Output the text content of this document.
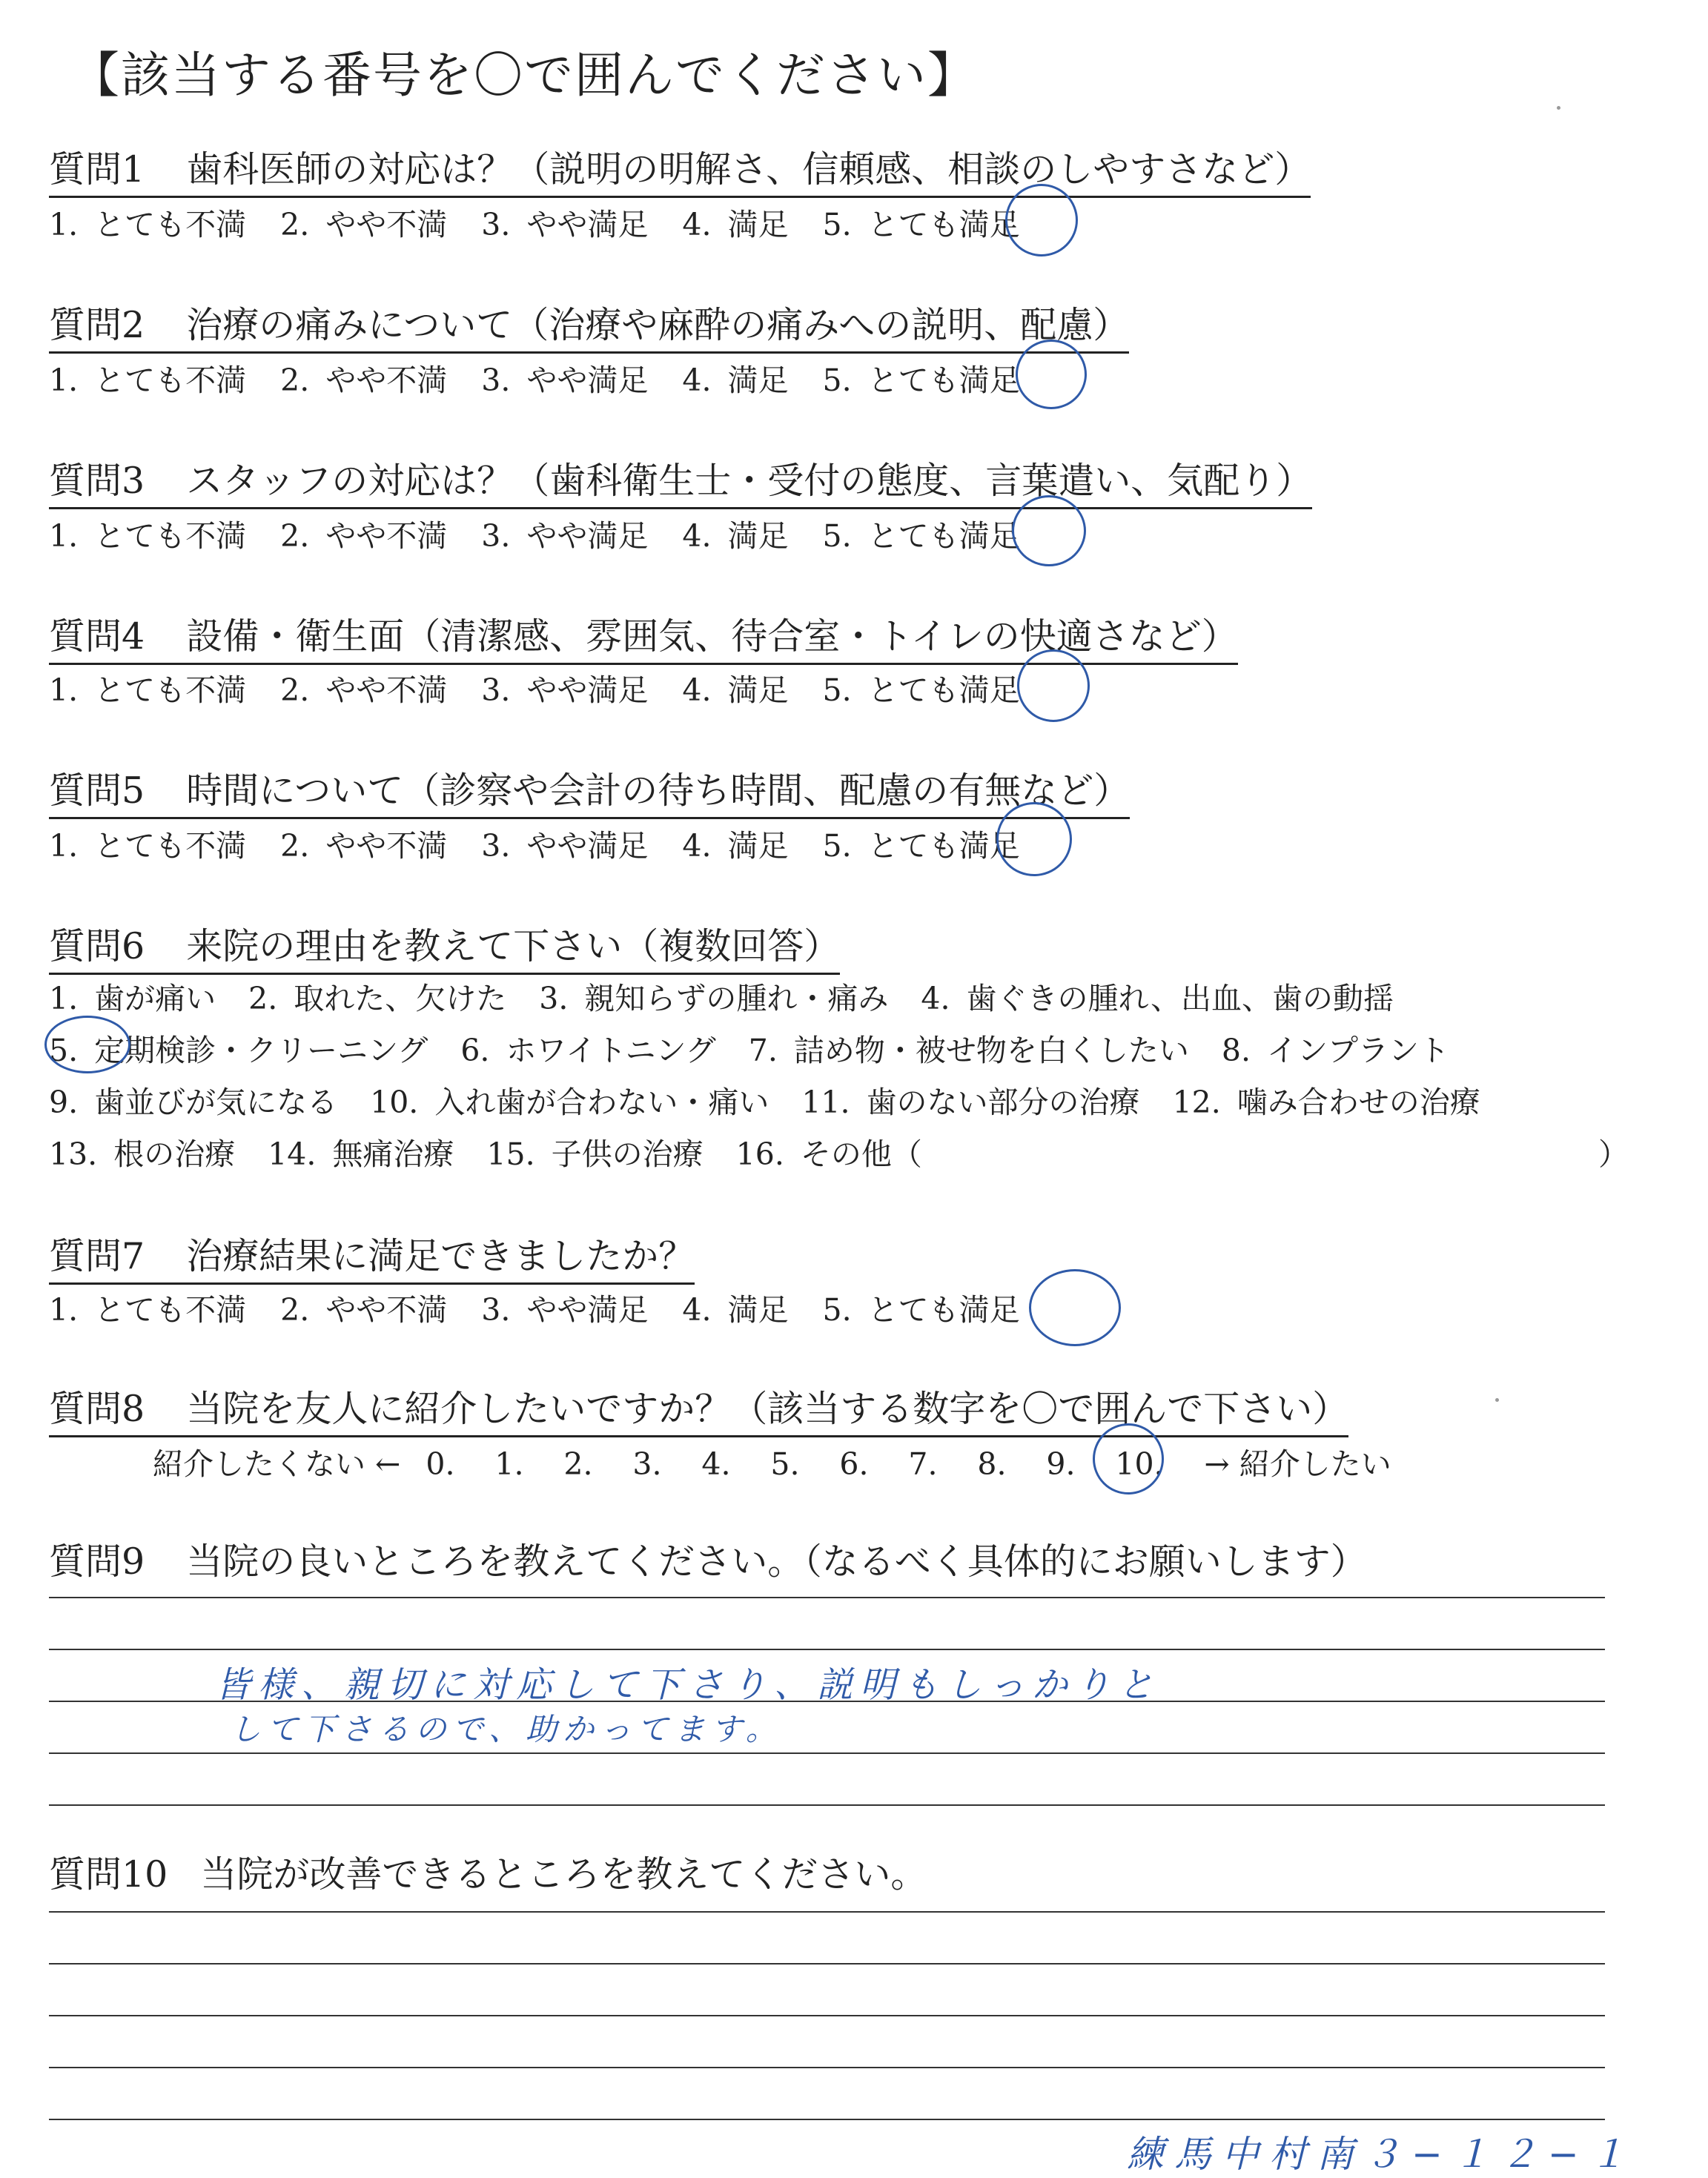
【該当する番号を〇で囲んでください】
質問1 歯科医師の対応は？（説明の明解さ、信頼感、相談のしやすさなど）
1. とても不満 2. やや不満 3. やや満足 4. 満足 5. とても満足
質問2 治療の痛みについて（治療や麻酔の痛みへの説明、配慮）
1. とても不満 2. やや不満 3. やや満足 4. 満足 5. とても満足
質問3 スタッフの対応は？（歯科衛生士・受付の態度、言葉遣い、気配り）
1. とても不満 2. やや不満 3. やや満足 4. 満足 5. とても満足
質問4 設備・衛生面（清潔感、雰囲気、待合室・トイレの快適さなど）
1. とても不満 2. やや不満 3. やや満足 4. 満足 5. とても満足
質問5 時間について（診察や会計の待ち時間、配慮の有無など）
1. とても不満 2. やや不満 3. やや満足 4. 満足 5. とても満足
質問6 来院の理由を教えて下さい（複数回答）
1. 歯が痛い 2. 取れた、欠けた 3. 親知らずの腫れ・痛み 4. 歯ぐきの腫れ、出血、歯の動揺
5. 定期検診・クリーニング 6. ホワイトニング 7. 詰め物・被せ物を白くしたい 8. インプラント
9. 歯並びが気になる 10. 入れ歯が合わない・痛い 11. 歯のない部分の治療 12. 噛み合わせの治療
13. 根の治療 14. 無痛治療 15. 子供の治療 16. その他（	）
質問7 治療結果に満足できましたか？
1. とても不満 2. やや不満 3. やや満足 4. 満足 5. とても満足
質問8 当院を友人に紹介したいですか？（該当する数字を〇で囲んで下さい）
紹介したくない ← 0. 1. 2. 3. 4. 5. 6. 7. 8. 9. 10. → 紹介したい
質問9 当院の良いところを教えてください。（なるべく具体的にお願いします）
皆様、親切に対応して下さり、説明もしっかりと
して下さるので、助かってます。
質問10 当院が改善できるところを教えてください。
練馬中村南３−１２−１
